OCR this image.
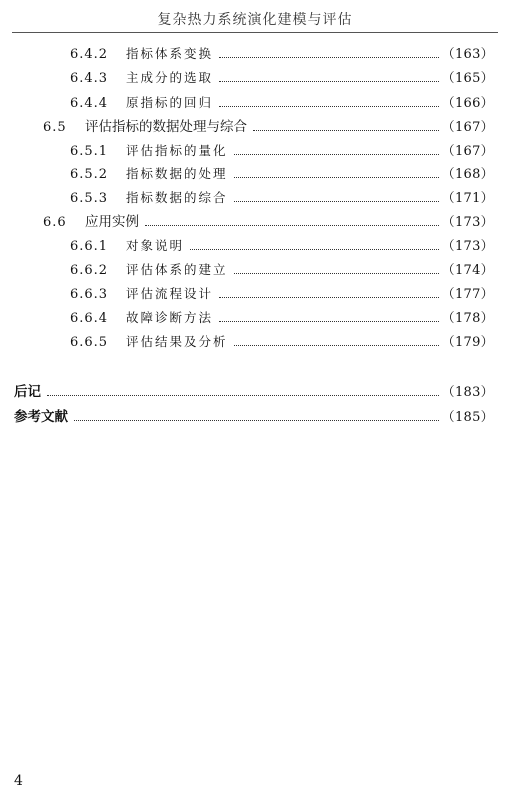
复杂热力系统演化建模与评估
6.4.2	指标体系变换	（163）
6.4.3	主成分的选取	（165）
6.4.4	原指标的回归	（166）
6.5	评估指标的数据处理与综合	（167）
6.5.1	评估指标的量化	（167）
6.5.2	指标数据的处理	（168）
6.5.3	指标数据的综合	（171）
6.6	应用实例	（173）
6.6.1	对象说明	（173）
6.6.2	评估体系的建立	（174）
6.6.3	评估流程设计	（177）
6.6.4	故障诊断方法	（178）
6.6.5	评估结果及分析	（179）
后记	（183）
参考文献	（185）
4
